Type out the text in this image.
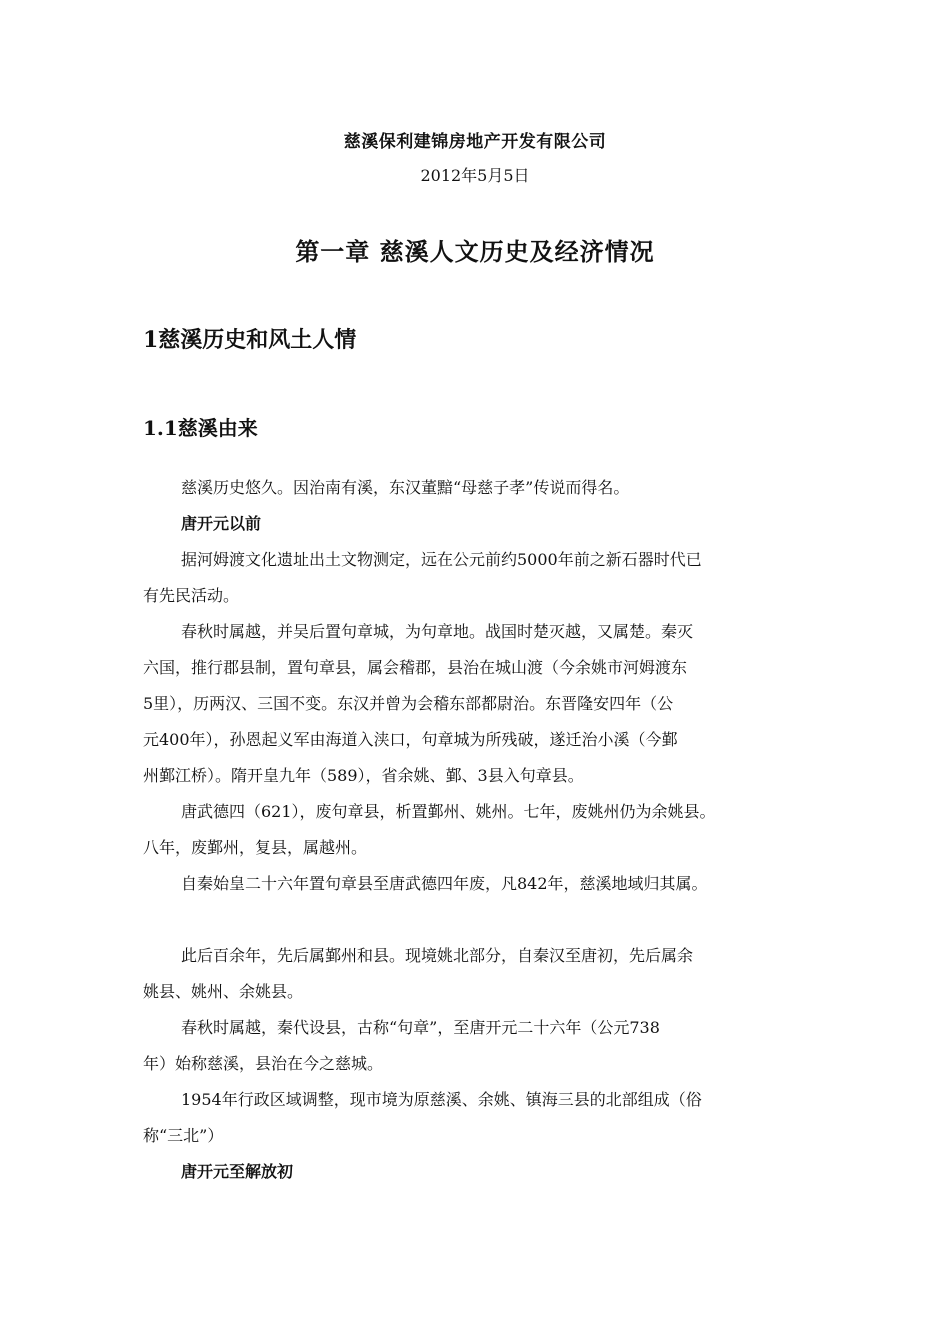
慈溪保利建锦房地产开发有限公司
2012年5月5日
第一章 慈溪人文历史及经济情况
1慈溪历史和风土人情
1.1慈溪由来

慈溪历史悠久。因治南有溪，东汉董黯“母慈子孝”传说而得名。

唐开元以前

据河姆渡文化遗址出土文物测定，远在公元前约5000年前之新石器时代已

有先民活动。

春秋时属越，并吴后置句章城，为句章地。战国时楚灭越，又属楚。秦灭

六国，推行郡县制，置句章县，属会稽郡，县治在城山渡（今余姚市河姆渡东

5里），历两汉、三国不变。东汉并曾为会稽东部都尉治。东晋隆安四年（公

元400年），孙恩起义军由海道入浃口，句章城为所残破，遂迁治小溪（今鄞

州鄞江桥）。隋开皇九年（589），省余姚、鄞、3县入句章县。

唐武德四（621），废句章县，析置鄞州、姚州。七年，废姚州仍为余姚县。

八年，废鄞州，复县，属越州。

自秦始皇二十六年置句章县至唐武德四年废，凡842年，慈溪地域归其属。

此后百余年，先后属鄞州和县。现境姚北部分，自秦汉至唐初，先后属余

姚县、姚州、余姚县。

春秋时属越，秦代设县，古称“句章”，至唐开元二十六年（公元738

年）始称慈溪，县治在今之慈城。

1954年行政区域调整，现市境为原慈溪、余姚、镇海三县的北部组成（俗

称“三北”）

唐开元至解放初
